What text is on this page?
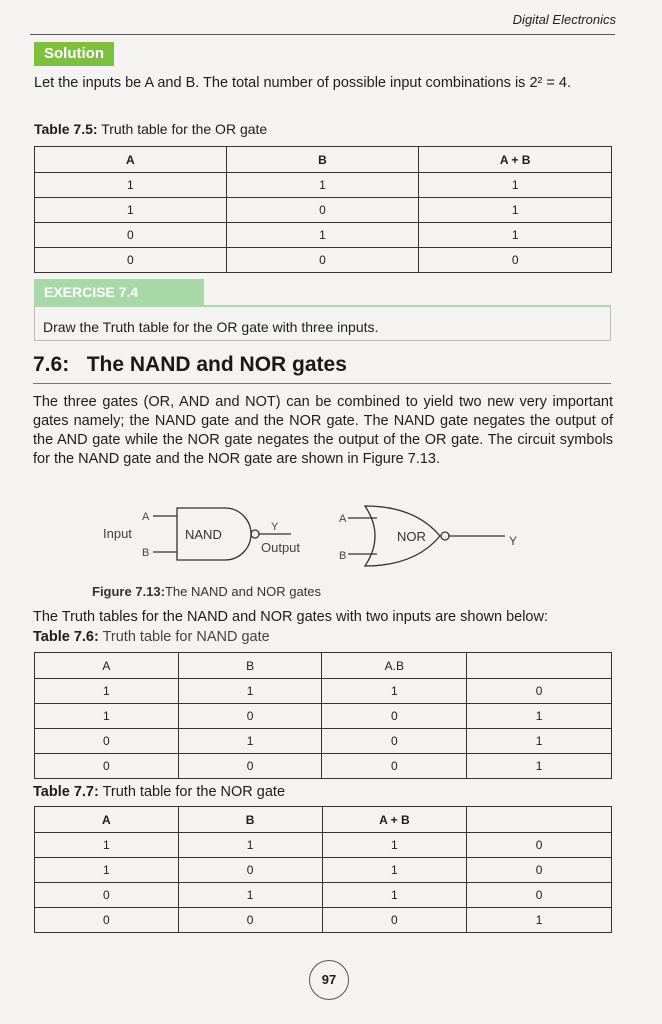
Digital Electronics
Solution
Let the inputs be A and B. The total number of possible input combinations is 2² = 4.
Table 7.5: Truth table for the OR gate
A	B	A + B
1	1	1
1	0	1
0	1	1
0	0	0
EXERCISE 7.4
Draw the Truth table for the OR gate with three inputs.
7.6:   The NAND and NOR gates
The three gates (OR, AND and NOT) can be combined to yield two new very important gates namely; the NAND gate and the NOR gate. The NAND gate negates the output of the AND gate while the NOR gate negates the output of the OR gate. The circuit symbols for the NAND gate and the NOR gate are shown in Figure 7.13.
Input
A
B
NAND	Y
Output
A
B
NOR	Y
Figure 7.13:The NAND and NOR gates
The Truth tables for the NAND and NOR gates with two inputs are shown below:
Table 7.6: Truth table for NAND gate
A	B	A.B	
1	1	1	0
1	0	0	1
0	1	0	1
0	0	0	1
Table 7.7: Truth table for the NOR gate
A	B	A + B	
1	1	1	0
1	0	1	0
0	1	1	0
0	0	0	1
97
